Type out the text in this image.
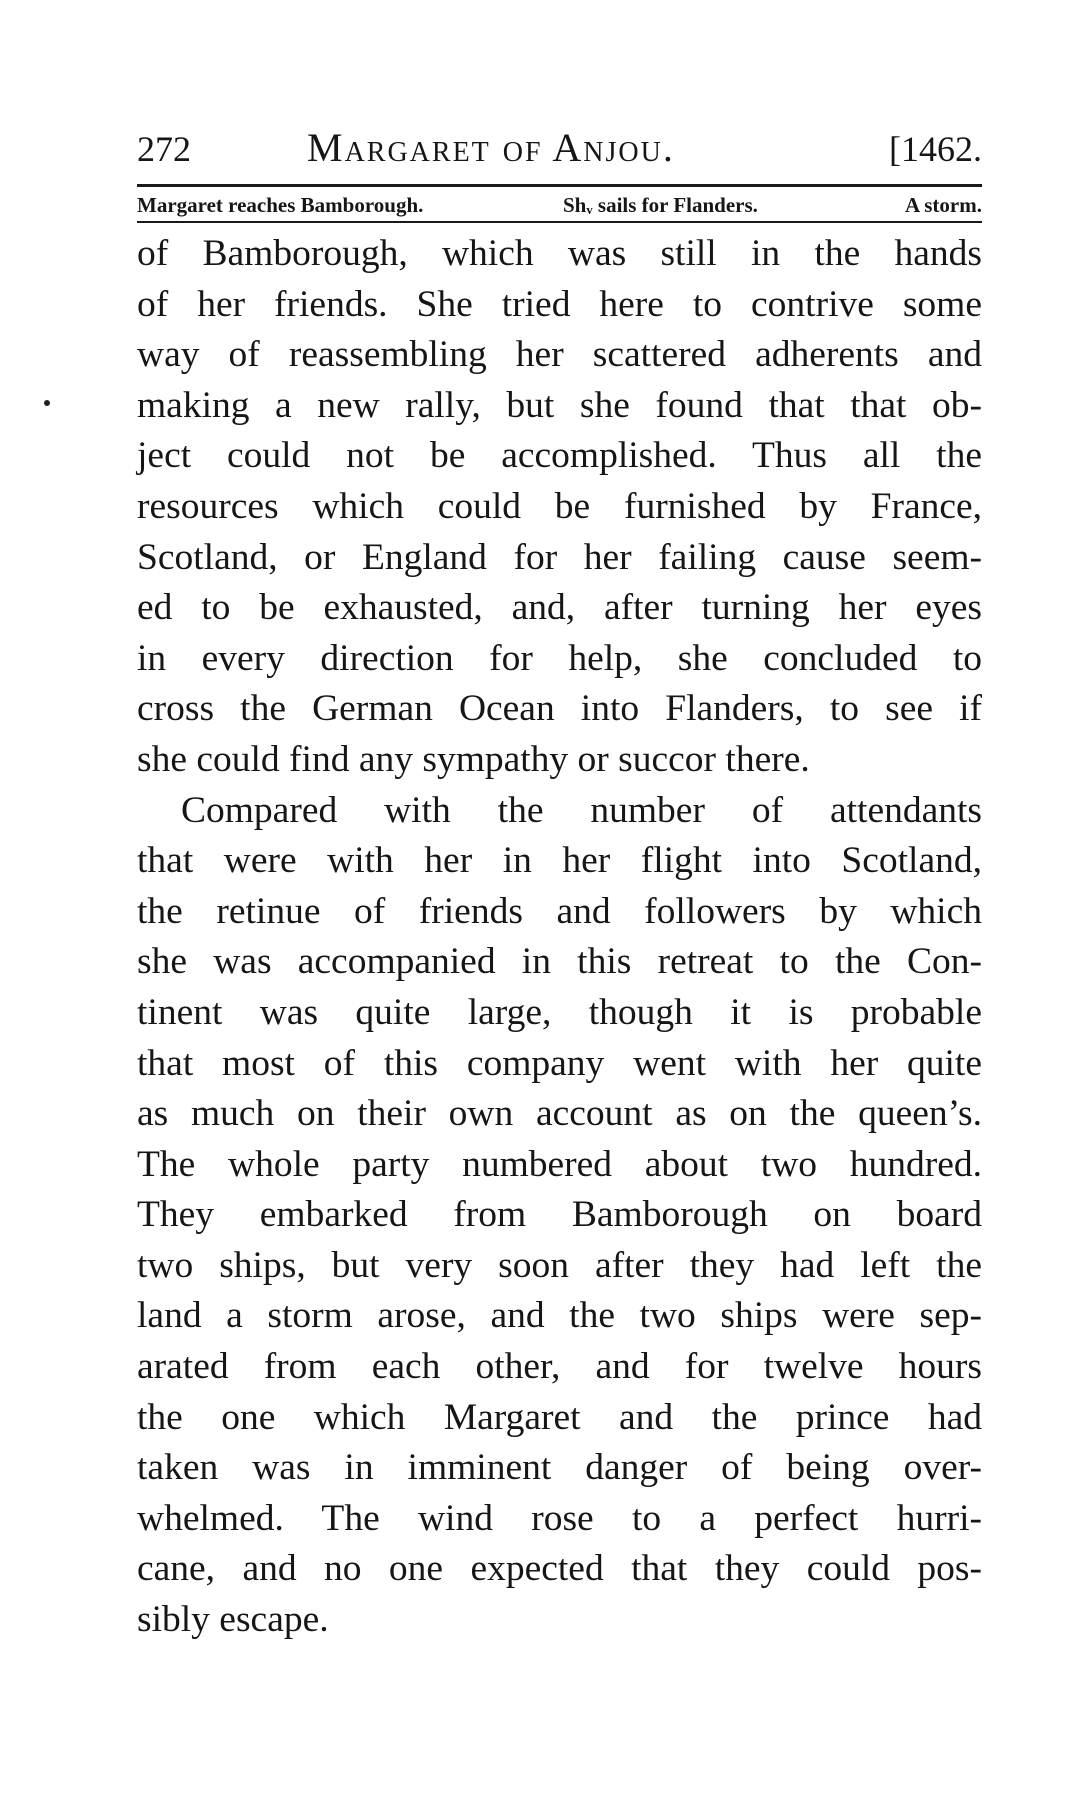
272	Margaret of Anjou.	[1462.
Margaret reaches Bamborough.	Shᵥ sails for Flanders.	A storm.

of Bamborough, which was still in the hands
of her friends. She tried here to contrive some
way of reassembling her scattered adherents and
making a new rally, but she found that that ob-
ject could not be accomplished. Thus all the
resources which could be furnished by France,
Scotland, or England for her failing cause seem-
ed to be exhausted, and, after turning her eyes
in every direction for help, she concluded to
cross the German Ocean into Flanders, to see if
she could find any sympathy or succor there.

Compared with the number of attendants
that were with her in her flight into Scotland,
the retinue of friends and followers by which
she was accompanied in this retreat to the Con-
tinent was quite large, though it is probable
that most of this company went with her quite
as much on their own account as on the queen’s.
The whole party numbered about two hundred.
They embarked from Bamborough on board
two ships, but very soon after they had left the
land a storm arose, and the two ships were sep-
arated from each other, and for twelve hours
the one which Margaret and the prince had
taken was in imminent danger of being over-
whelmed. The wind rose to a perfect hurri-
cane, and no one expected that they could pos-
sibly escape.
